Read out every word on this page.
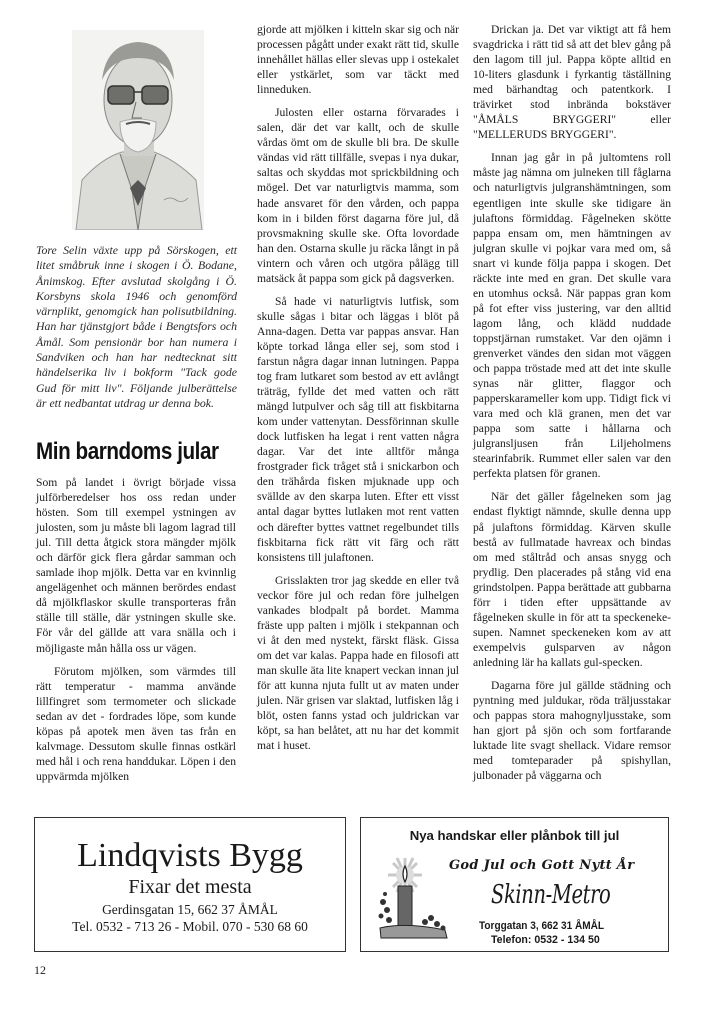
Tore Selin växte upp på Sörskogen, ett litet småbruk inne i skogen i Ö. Bodane, Ånimskog. Efter avslutad skolgång i Ö. Korsbyns skola 1946 och genomförd värnplikt, genomgick han polisutbildning. Han har tjänstgjort både i Bengtsfors och Åmål. Som pensionär bor han numera i Sandviken och han har nedtecknat sitt händelserika liv i bokform "Tack gode Gud för mitt liv". Följande julberättelse är ett nedbantat utdrag ur denna bok.
Min barndoms jular

Som på landet i övrigt började vissa julförberedelser hos oss redan under hösten. Som till exempel ystningen av julosten, som ju måste bli lagom lagrad till jul. Till detta åtgick stora mängder mjölk och därför gick flera gårdar samman och samlade ihop mjölk. Detta var en kvinnlig angelägenhet och männen berördes endast då mjölkflaskor skulle transporteras från ställe till ställe, där ystningen skulle ske. För vår del gällde att vara snälla och i möjligaste mån hålla oss ur vägen.

Förutom mjölken, som värmdes till rätt temperatur - mamma använde lillfingret som termometer och slickade sedan av det - fordrades löpe, som kunde köpas på apotek men även tas från en kalvmage. Dessutom skulle finnas ostkärl med hål i och rena handdukar. Löpen i den uppvärmda mjölken

gjorde att mjölken i kitteln skar sig och när processen pågått under exakt rätt tid, skulle innehållet hällas eller slevas upp i ostekalet eller ystkärlet, som var täckt med linneduken.

Julosten eller ostarna förvarades i salen, där det var kallt, och de skulle vårdas ömt om de skulle bli bra. De skulle vändas vid rätt tillfälle, svepas i nya dukar, saltas och skyddas mot sprickbildning och mögel. Det var naturligtvis mamma, som hade ansvaret för den vården, och pappa kom in i bilden först dagarna före jul, då provsmakning skulle ske. Ofta lovordade han den. Ostarna skulle ju räcka långt in på vintern och våren och utgöra pålägg till matsäck åt pappa som gick på dagsverken.

Så hade vi naturligtvis lutfisk, som skulle sågas i bitar och läggas i blöt på Anna-dagen. Detta var pappas ansvar. Han köpte torkad långa eller sej, som stod i farstun några dagar innan lutningen. Pappa tog fram lutkaret som bestod av ett avlångt träträg, fyllde det med vatten och rätt mängd lutpulver och såg till att fiskbitarna kom under vattenytan. Dessförinnan skulle dock lutfisken ha legat i rent vatten några dagar. Var det inte alltför många frostgrader fick tråget stå i snickarbon och den trähårda fisken mjuknade upp och svällde av den skarpa luten. Efter ett visst antal dagar byttes lutlaken mot rent vatten och därefter byttes vattnet regelbundet tills fiskbitarna fick rätt vit färg och rätt konsistens till julaftonen.

Grisslakten tror jag skedde en eller två veckor före jul och redan före julhelgen vankades blodpalt på bordet. Mamma fräste upp palten i mjölk i stekpannan och vi åt den med nystekt, färskt fläsk. Gissa om det var kalas. Pappa hade en filosofi att man skulle äta lite knapert veckan innan jul för att kunna njuta fullt ut av maten under julen. När grisen var slaktad, lutfisken låg i blöt, osten fanns ystad och juldrickan var köpt, sa han belåtet, att nu har det kommit mat i huset.

Drickan ja. Det var viktigt att få hem svagdricka i rätt tid så att det blev gång på den lagom till jul. Pappa köpte alltid en 10-liters glasdunk i fyrkantig täställning med bärhandtag och patentkork. I trävirket stod inbrända bokstäver "ÅMÅLS BRYGGERI" eller "MELLERUDS BRYGGERI".

Innan jag går in på jultomtens roll måste jag nämna om julneken till fåglarna och naturligtvis julgranshämtningen, som egentligen inte skulle ske tidigare än julaftons förmiddag. Fågelneken skötte pappa ensam om, men hämtningen av julgran skulle vi pojkar vara med om, så snart vi kunde följa pappa i skogen. Det räckte inte med en gran. Det skulle vara en utomhus också. När pappas gran kom på fot efter viss justering, var den alltid lagom lång, och klädd nuddade toppstjärnan rumstaket. Var den ojämn i grenverket vändes den sidan mot väggen och pappa tröstade med att det inte skulle synas när glitter, flaggor och papperskarameller kom upp. Tidigt fick vi vara med och klä granen, men det var pappa som satte i hållarna och julgransljusen från Liljeholmens stearinfabrik. Rummet eller salen var den perfekta platsen för granen.

När det gäller fågelneken som jag endast flyktigt nämnde, skulle denna upp på julaftons förmiddag. Kärven skulle bestå av fullmatade havreax och bindas om med ståltråd och ansas snygg och prydlig. Den placerades på stång vid ena grindstolpen. Pappa berättade att gubbarna förr i tiden efter uppsättande av fågelneken skulle in för att ta speckeneke-supen. Namnet speckeneken kom av att exempelvis gulsparven av någon anledning lär ha kallats gul-specken.

Dagarna före jul gällde städning och pyntning med juldukar, röda träljusstakar och pappas stora mahognyljusstake, som han gjort på sjön och som fortfarande luktade lite svagt shellack. Vidare remsor med tomteparader på spishyllan, julbonader på väggarna och

Lindqvists Bygg
Fixar det mesta
Gerdinsgatan 15, 662 37 ÅMÅL
Tel. 0532 - 713 26 - Mobil. 070 - 530 68 60
Nya handskar eller plånbok till jul
God Jul och Gott Nytt År
Skinn-Metro
Torggatan 3, 662 31 ÅMÅL
Telefon: 0532 - 134 50
12
